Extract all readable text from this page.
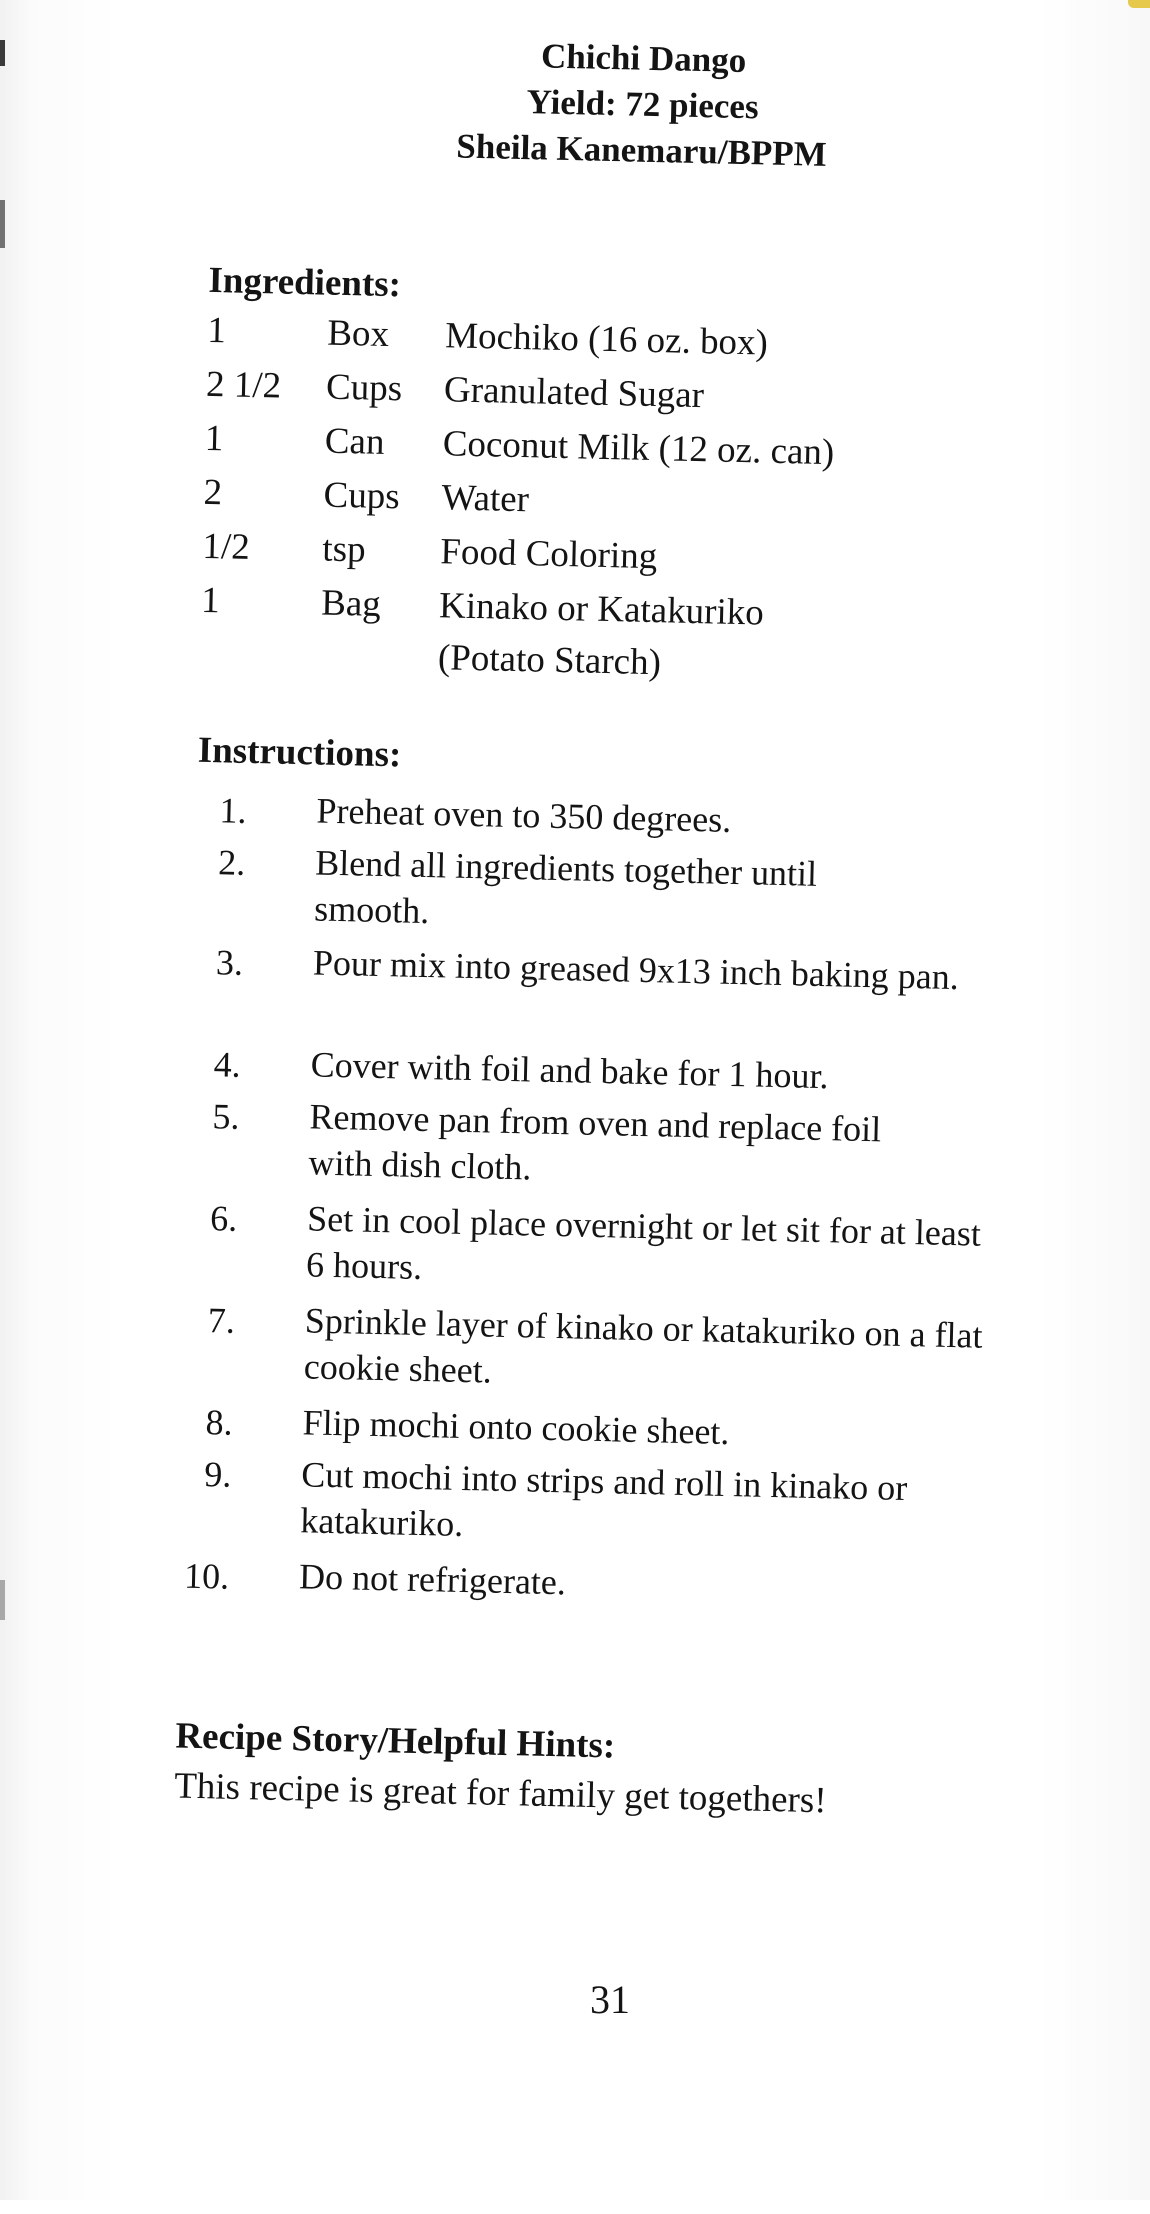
Chichi Dango
Yield: 72 pieces
Sheila Kanemaru/BPPM
Ingredients:
1	Box Mochiko (16 oz. box)
2 1/2 Cups Granulated Sugar
1	Can Coconut Milk (12 oz. can)
2	Cups Water
1/2 tsp Food Coloring
1	Bag Kinako or Katakuriko
(Potato Starch)
Instructions:
1. Preheat oven to 350 degrees.
2. Blend all ingredients together until smooth.
3. Pour mix into greased 9x13 inch baking pan.
4. Cover with foil and bake for 1 hour.
5. Remove pan from oven and replace foil with dish cloth.
6. Set in cool place overnight or let sit for at least 6 hours.
7. Sprinkle layer of kinako or katakuriko on a flat cookie sheet.
8. Flip mochi onto cookie sheet.
9. Cut mochi into strips and roll in kinako or katakuriko.
10. Do not refrigerate.
Recipe Story/Helpful Hints:
This recipe is great for family get togethers!
31
